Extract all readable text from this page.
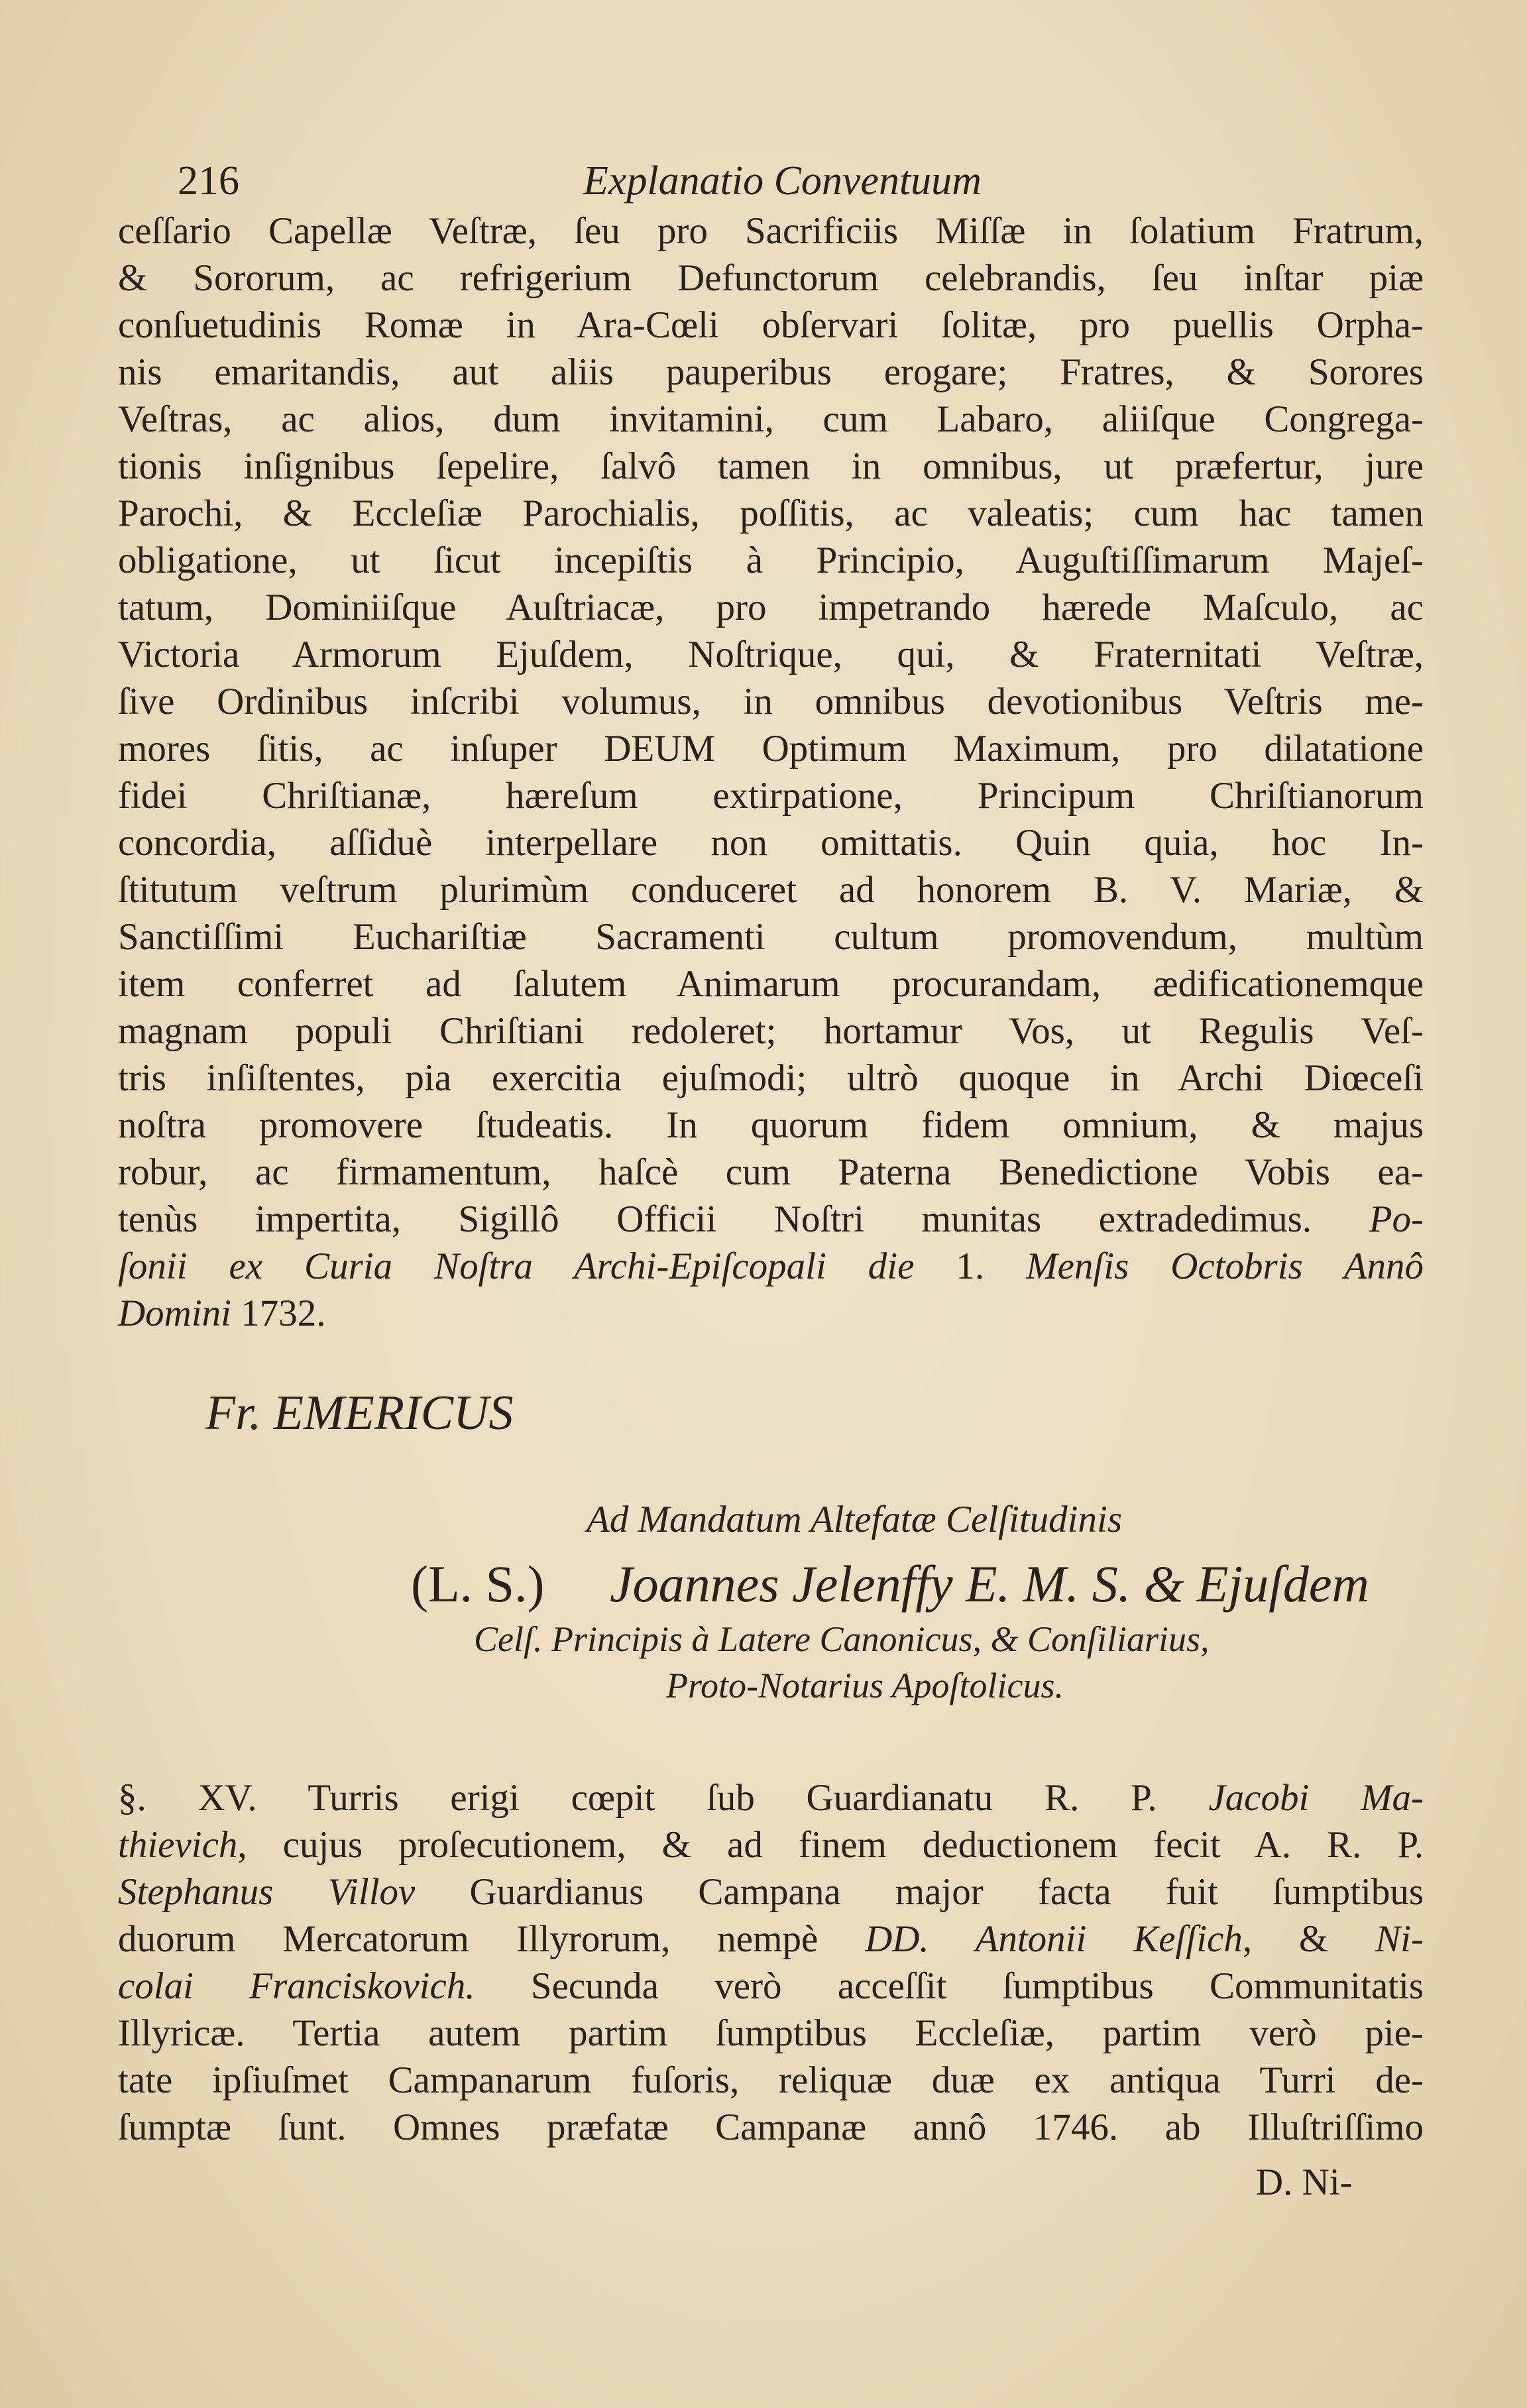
216	Explanatio Conventuum
ceſſario Capellæ Veſtræ, ſeu pro Sacrificiis Miſſæ in ſolatium Fratrum,
& Sororum, ac refrigerium Defunctorum celebrandis, ſeu inſtar piæ
conſuetudinis Romæ in Ara-Cœli obſervari ſolitæ, pro puellis Orpha-
nis emaritandis, aut aliis pauperibus erogare; Fratres, & Sorores
Veſtras, ac alios, dum invitamini, cum Labaro, aliiſque Congrega-
tionis inſignibus ſepelire, ſalvô tamen in omnibus, ut præfertur, jure
Parochi, & Eccleſiæ Parochialis, poſſitis, ac valeatis; cum hac tamen
obligatione, ut ſicut incepiſtis à Principio, Auguſtiſſimarum Majeſ-
tatum, Dominiiſque Auſtriacæ, pro impetrando hærede Maſculo, ac
Victoria Armorum Ejuſdem, Noſtrique, qui, & Fraternitati Veſtræ,
ſive Ordinibus inſcribi volumus, in omnibus devotionibus Veſtris me-
mores ſitis, ac inſuper DEUM Optimum Maximum, pro dilatatione
fidei Chriſtianæ, hæreſum extirpatione, Principum Chriſtianorum
concordia, aſſiduè interpellare non omittatis. Quin quia, hoc In-
ſtitutum veſtrum plurimùm conduceret ad honorem B. V. Mariæ, &
Sanctiſſimi Euchariſtiæ Sacramenti cultum promovendum, multùm
item conferret ad ſalutem Animarum procurandam, ædificationemque
magnam populi Chriſtiani redoleret; hortamur Vos, ut Regulis Veſ-
tris inſiſtentes, pia exercitia ejuſmodi; ultrò quoque in Archi Diœceſi
noſtra promovere ſtudeatis. In quorum fidem omnium, & majus
robur, ac firmamentum, haſcè cum Paterna Benedictione Vobis ea-
tenùs impertita, Sigillô Officii Noſtri munitas extradedimus. Po-
ſonii ex Curia Noſtra Archi-Epiſcopali die 1. Menſis Octobris Annô
Domini 1732.
Fr. EMERICUS
Ad Mandatum Altefatæ Celſitudinis
(L. S.) Joannes Jelenffy E. M. S. & Ejuſdem
Celſ. Principis à Latere Canonicus, & Conſiliarius,
Proto-Notarius Apoſtolicus.
§. XV. Turris erigi cœpit ſub Guardianatu R. P. Jacobi Ma-
thievich, cujus proſecutionem, & ad finem deductionem fecit A. R. P.
Stephanus Villov Guardianus Campana major facta fuit ſumptibus
duorum Mercatorum Illyrorum, nempè DD. Antonii Keſſich, & Ni-
colai Franciskovich. Secunda verò acceſſit ſumptibus Communitatis
Illyricæ. Tertia autem partim ſumptibus Eccleſiæ, partim verò pie-
tate ipſiuſmet Campanarum fuſoris, reliquæ duæ ex antiqua Turri de-
ſumptæ ſunt. Omnes præfatæ Campanæ annô 1746. ab Illuſtriſſimo
D. Ni-
